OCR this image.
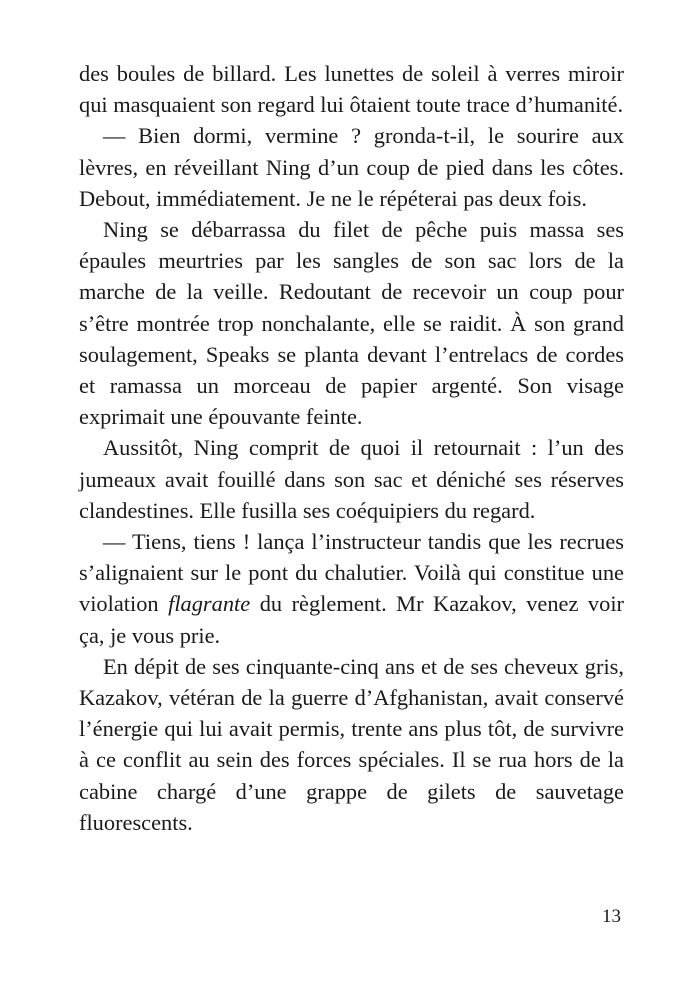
des boules de billard. Les lunettes de soleil à verres miroir qui masquaient son regard lui ôtaient toute trace d’humanité.

— Bien dormi, vermine ? gronda-t-il, le sourire aux lèvres, en réveillant Ning d’un coup de pied dans les côtes. Debout, immédiatement. Je ne le répéterai pas deux fois.

Ning se débarrassa du filet de pêche puis massa ses épaules meurtries par les sangles de son sac lors de la marche de la veille. Redoutant de recevoir un coup pour s’être montrée trop nonchalante, elle se raidit. À son grand soulagement, Speaks se planta devant l’entrelacs de cordes et ramassa un morceau de papier argenté. Son visage exprimait une épouvante feinte.

Aussitôt, Ning comprit de quoi il retournait : l’un des jumeaux avait fouillé dans son sac et déniché ses réserves clandestines. Elle fusilla ses coéquipiers du regard.

— Tiens, tiens ! lança l’instructeur tandis que les recrues s’alignaient sur le pont du chalutier. Voilà qui constitue une violation flagrante du règlement. Mr Kazakov, venez voir ça, je vous prie.

En dépit de ses cinquante-cinq ans et de ses cheveux gris, Kazakov, vétéran de la guerre d’Afghanistan, avait conservé l’énergie qui lui avait permis, trente ans plus tôt, de survivre à ce conflit au sein des forces spéciales. Il se rua hors de la cabine chargé d’une grappe de gilets de sauvetage fluorescents.

13
